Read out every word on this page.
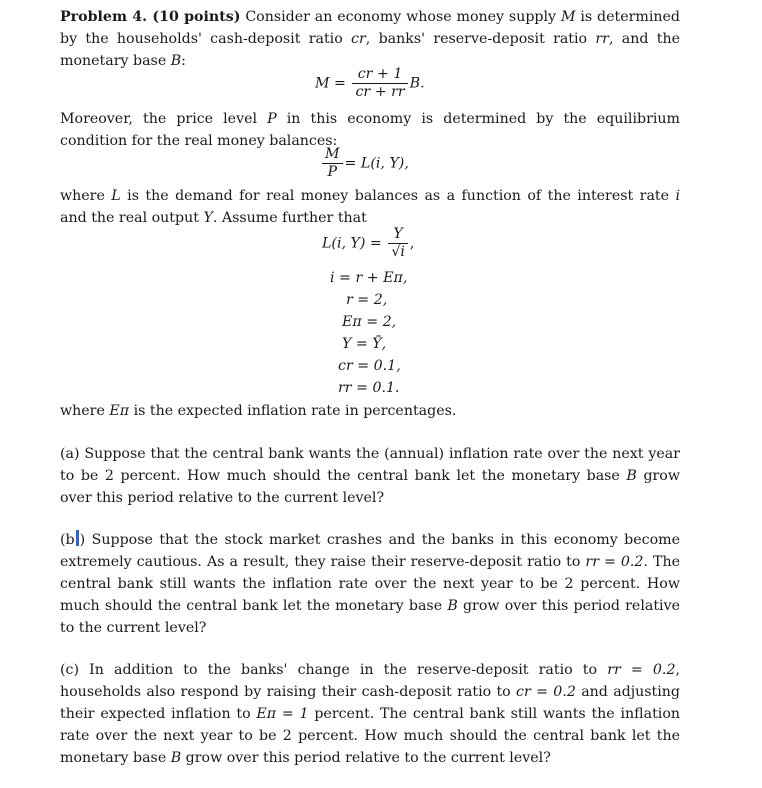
Problem 4. (10 points) Consider an economy whose money supply M is determined by the households' cash-deposit ratio cr, banks' reserve-deposit ratio rr, and the monetary base B:

$M = \frac{cr + 1}{cr + rr} B$.

Moreover, the price level P in this economy is determined by the equilibrium condition for the real money balances:

$\frac{M}{P} = L(i$, Y),

where L is the demand for real money balances as a function of the interest rate i and the real output Y. Assume further that

L(i, $Y) = \frac{Y}{√i}$ ,
i = r + Eπ,
r = 2,
Eπ = 2,
Y = Ȳ,
cr = 0.1,
rr = 0.1.

where Eπ is the expected inflation rate in percentages.

(a) Suppose that the central bank wants the (annual) inflation rate over the next year to be 2 percent. How much should the central bank let the monetary base B grow over this period relative to the current level?

(b ) Suppose that the stock market crashes and the banks in this economy become extremely cautious. As a result, they raise their reserve-deposit ratio to rr = 0.2. The central bank still wants the inflation rate over the next year to be 2 percent. How much should the central bank let the monetary base B grow over this period relative to the current level?

(c) In addition to the banks' change in the reserve-deposit ratio to rr = 0.2, households also respond by raising their cash-deposit ratio to cr = 0.2 and adjusting their expected inflation to Eπ = 1 percent. The central bank still wants the inflation rate over the next year to be 2 percent. How much should the central bank let the monetary base B grow over this period relative to the current level?
